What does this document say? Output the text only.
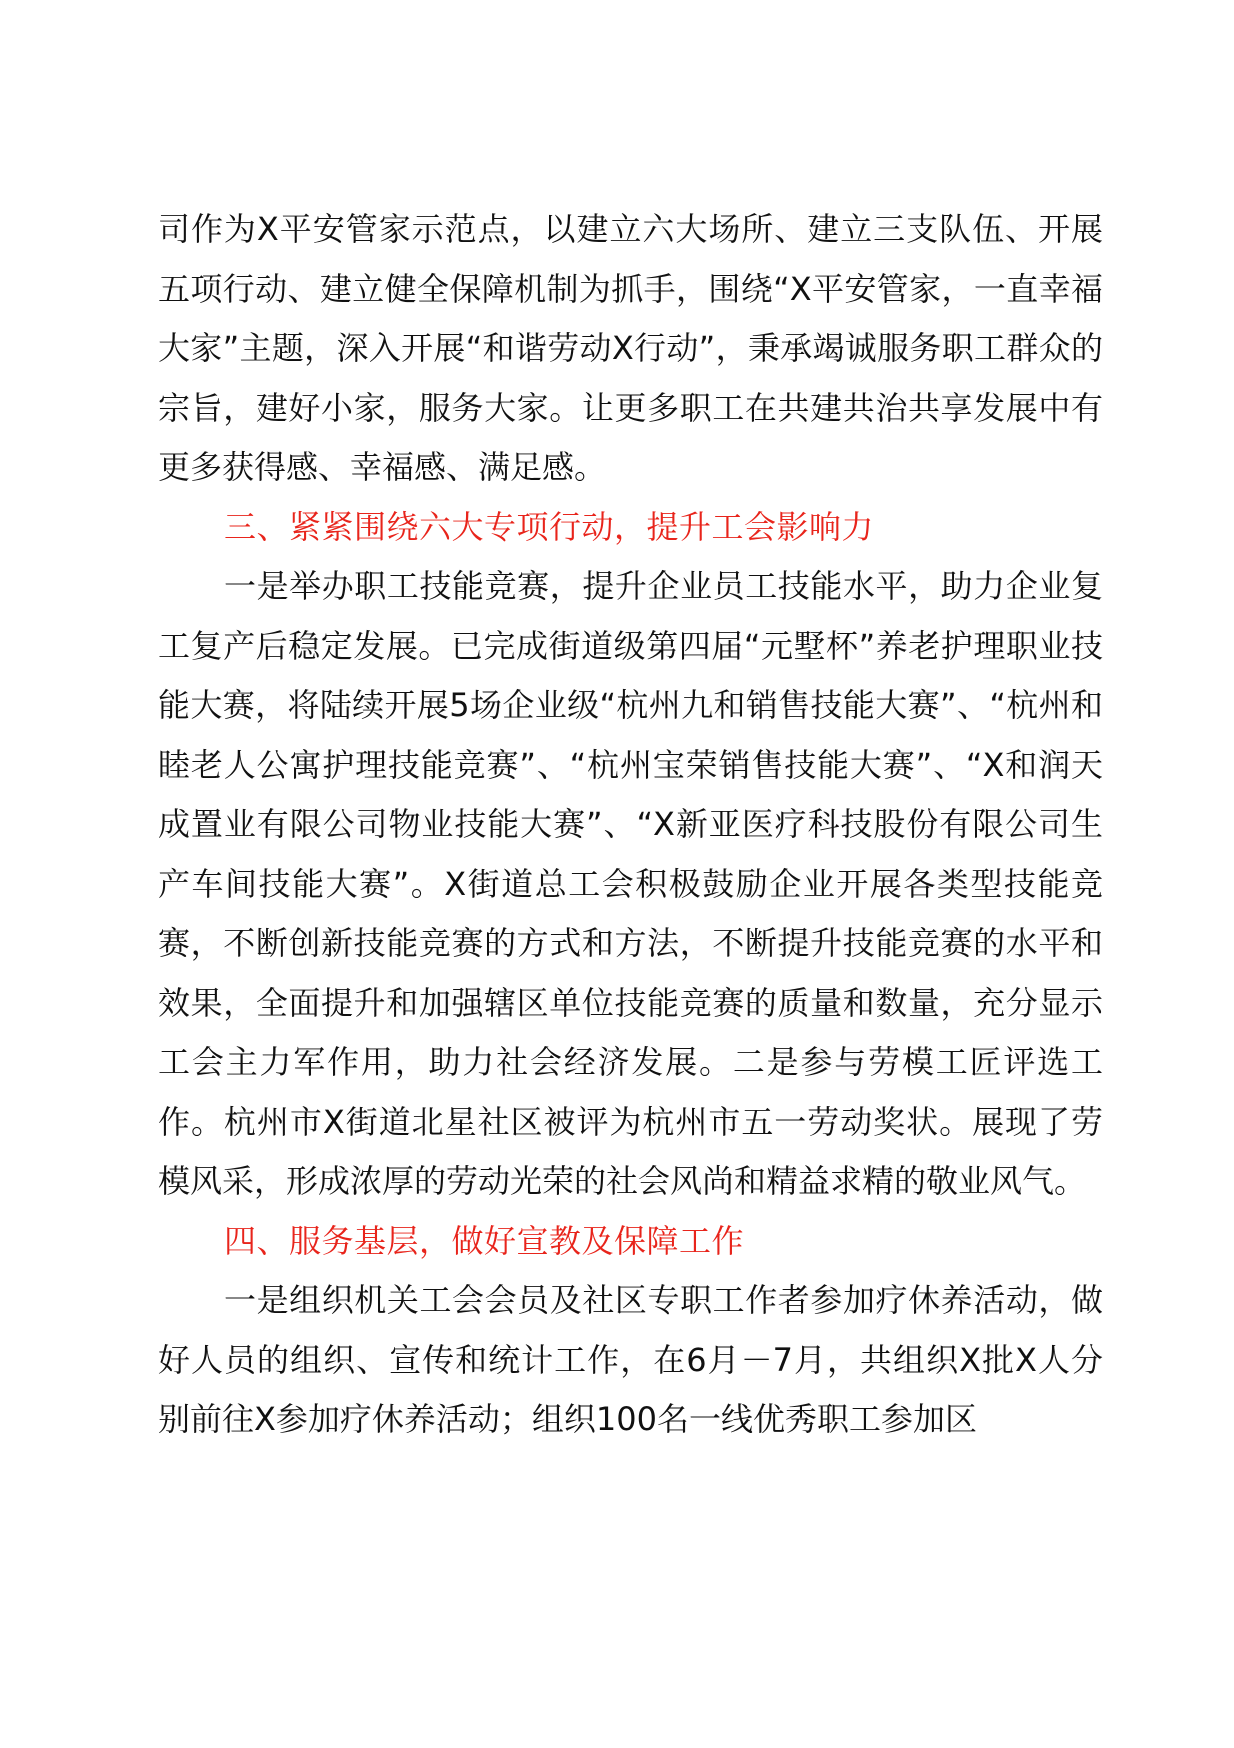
司作为X平安管家示范点，以建立六大场所、建立三支队伍、开展五项行动、建立健全保障机制为抓手，围绕“X平安管家，一直幸福大家”主题，深入开展“和谐劳动X行动”，秉承竭诚服务职工群众的宗旨，建好小家，服务大家。让更多职工在共建共治共享发展中有更多获得感、幸福感、满足感。

三、紧紧围绕六大专项行动，提升工会影响力

一是举办职工技能竞赛，提升企业员工技能水平，助力企业复工复产后稳定发展。已完成街道级第四届“元墅杯”养老护理职业技能大赛，将陆续开展5场企业级“杭州九和销售技能大赛”、“杭州和睦老人公寓护理技能竞赛”、“杭州宝荣销售技能大赛”、“X和润天成置业有限公司物业技能大赛”、“X新亚医疗科技股份有限公司生产车间技能大赛”。X街道总工会积极鼓励企业开展各类型技能竞赛，不断创新技能竞赛的方式和方法，不断提升技能竞赛的水平和效果，全面提升和加强辖区单位技能竞赛的质量和数量，充分显示工会主力军作用，助力社会经济发展。二是参与劳模工匠评选工作。杭州市X街道北星社区被评为杭州市五一劳动奖状。展现了劳模风采，形成浓厚的劳动光荣的社会风尚和精益求精的敬业风气。

四、服务基层，做好宣教及保障工作

一是组织机关工会会员及社区专职工作者参加疗休养活动，做好人员的组织、宣传和统计工作，在6月－7月，共组织X批X人分别前往X参加疗休养活动；组织100名一线优秀职工参加区
